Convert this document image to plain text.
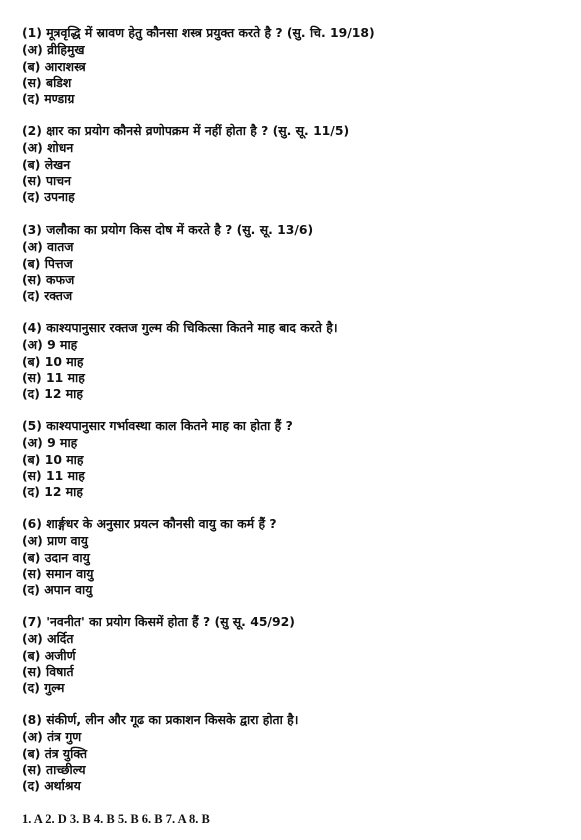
(1) मूत्रवृद्धि में स्रावण हेतु कौनसा शस्त्र प्रयुक्त करते है ? (सु. चि. 19/18)
(अ) व्रीहिमुख
(ब) आराशस्त्र
(स) बडिश
(द) मण्डाग्र
(2) क्षार का प्रयोग कौनसे व्रणोपक्रम में नहीं होता है ? (सु. सू. 11/5)
(अ) शोधन
(ब) लेखन
(स) पाचन
(द) उपनाह
(3) जलौका का प्रयोग किस दोष में करते है ? (सु. सू. 13/6)
(अ) वातज
(ब) पित्तज
(स) कफज
(द) रक्तज
(4) काश्यपानुसार रक्तज गुल्म की चिकित्सा कितने माह बाद करते है।
(अ) 9 माह
(ब) 10 माह
(स) 11 माह
(द) 12 माह
(5) काश्यपानुसार गर्भावस्था काल कितने माह का होता हैं ?
(अ) 9 माह
(ब) 10 माह
(स) 11 माह
(द) 12 माह
(6) शार्ङ्गधर के अनुसार प्रयत्न कौनसी वायु का कर्म हैं ?
(अ) प्राण वायु
(ब) उदान वायु
(स) समान वायु
(द) अपान वायु
(7) 'नवनीत' का प्रयोग किसमें होता हैं ? (सु सू. 45/92)
(अ) अर्दित
(ब) अजीर्ण
(स) विषार्त
(द) गुल्म
(8) संकीर्ण, लीन और गूढ का प्रकाशन किसके द्वारा होता है।
(अ) तंत्र गुण
(ब) तंत्र युक्ति
(स) ताच्छील्य
(द) अर्थाश्रय
1. A 2. D 3. B 4. B 5. B 6. B 7. A 8. B
